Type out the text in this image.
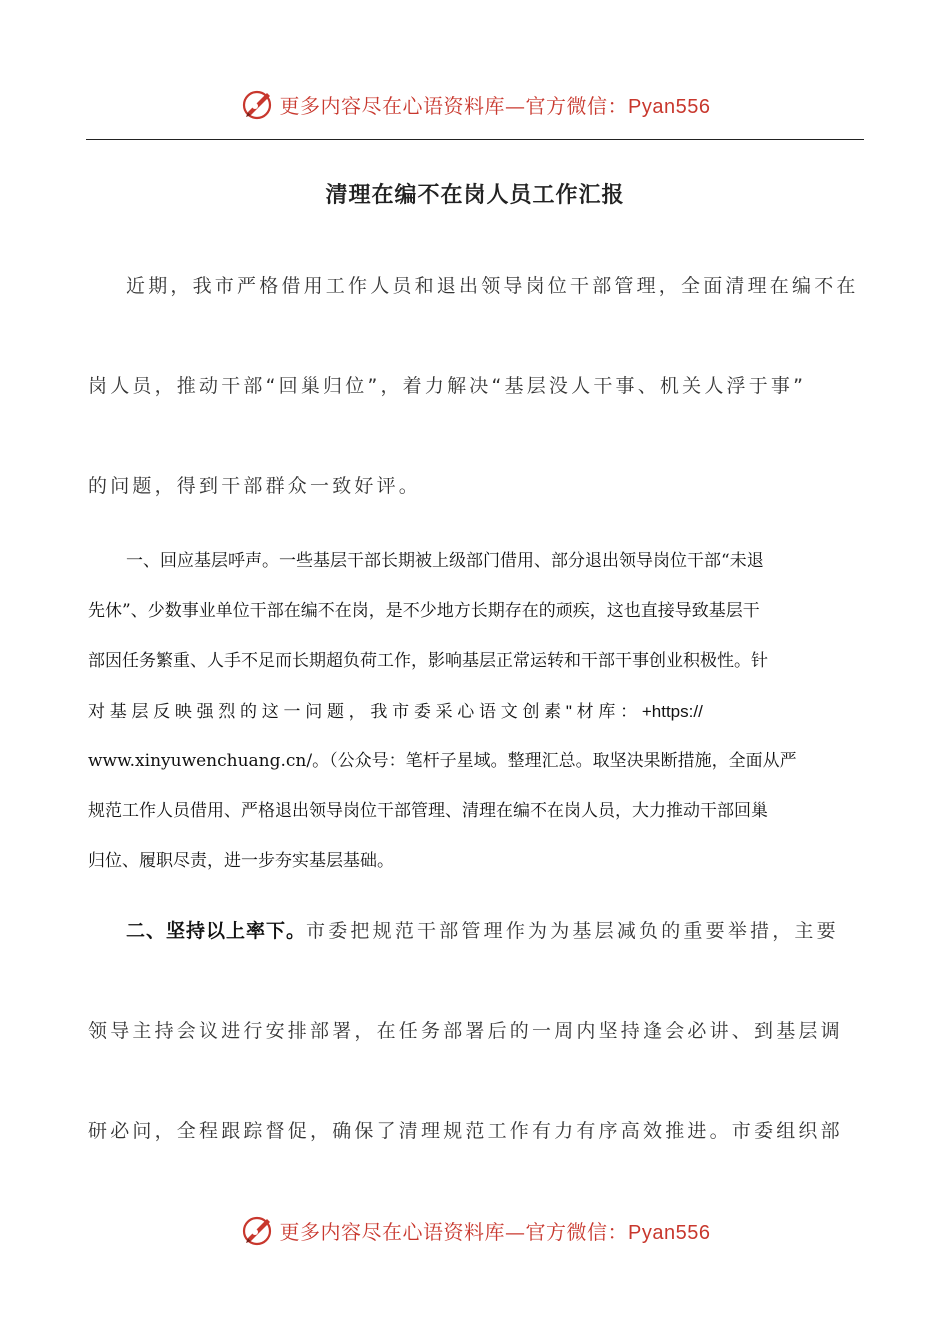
更多内容尽在心语资料库—官方微信：Pyan556
清理在编不在岗人员工作汇报
近期，我市严格借用工作人员和退出领导岗位干部管理，全面清理在编不在
岗人员，推动干部“回巢归位”，着力解决“基层没人干事、机关人浮于事”
的问题，得到干部群众一致好评。
一、回应基层呼声。一些基层干部长期被上级部门借用、部分退出领导岗位干部“未退
先休”、少数事业单位干部在编不在岗，是不少地方长期存在的顽疾，这也直接导致基层干
部因任务繁重、人手不足而长期超负荷工作，影响基层正常运转和干部干事创业积极性。针
对 基 层 反 映 强 烈 的 这 一 问 题 ， 我 市 委 采 心 语 文 创 素 " 材 库 ： +https://
www.xinyuwenchuang.cn/。（公众号：笔杆子星域。整理汇总。取坚决果断措施，全面从严
规范工作人员借用、严格退出领导岗位干部管理、清理在编不在岗人员，大力推动干部回巢
归位、履职尽责，进一步夯实基层基础。
二、坚持以上率下。市委把规范干部管理作为为基层减负的重要举措，主要
领导主持会议进行安排部署，在任务部署后的一周内坚持逢会必讲、到基层调
研必问，全程跟踪督促，确保了清理规范工作有力有序高效推进。市委组织部
更多内容尽在心语资料库—官方微信：Pyan556
